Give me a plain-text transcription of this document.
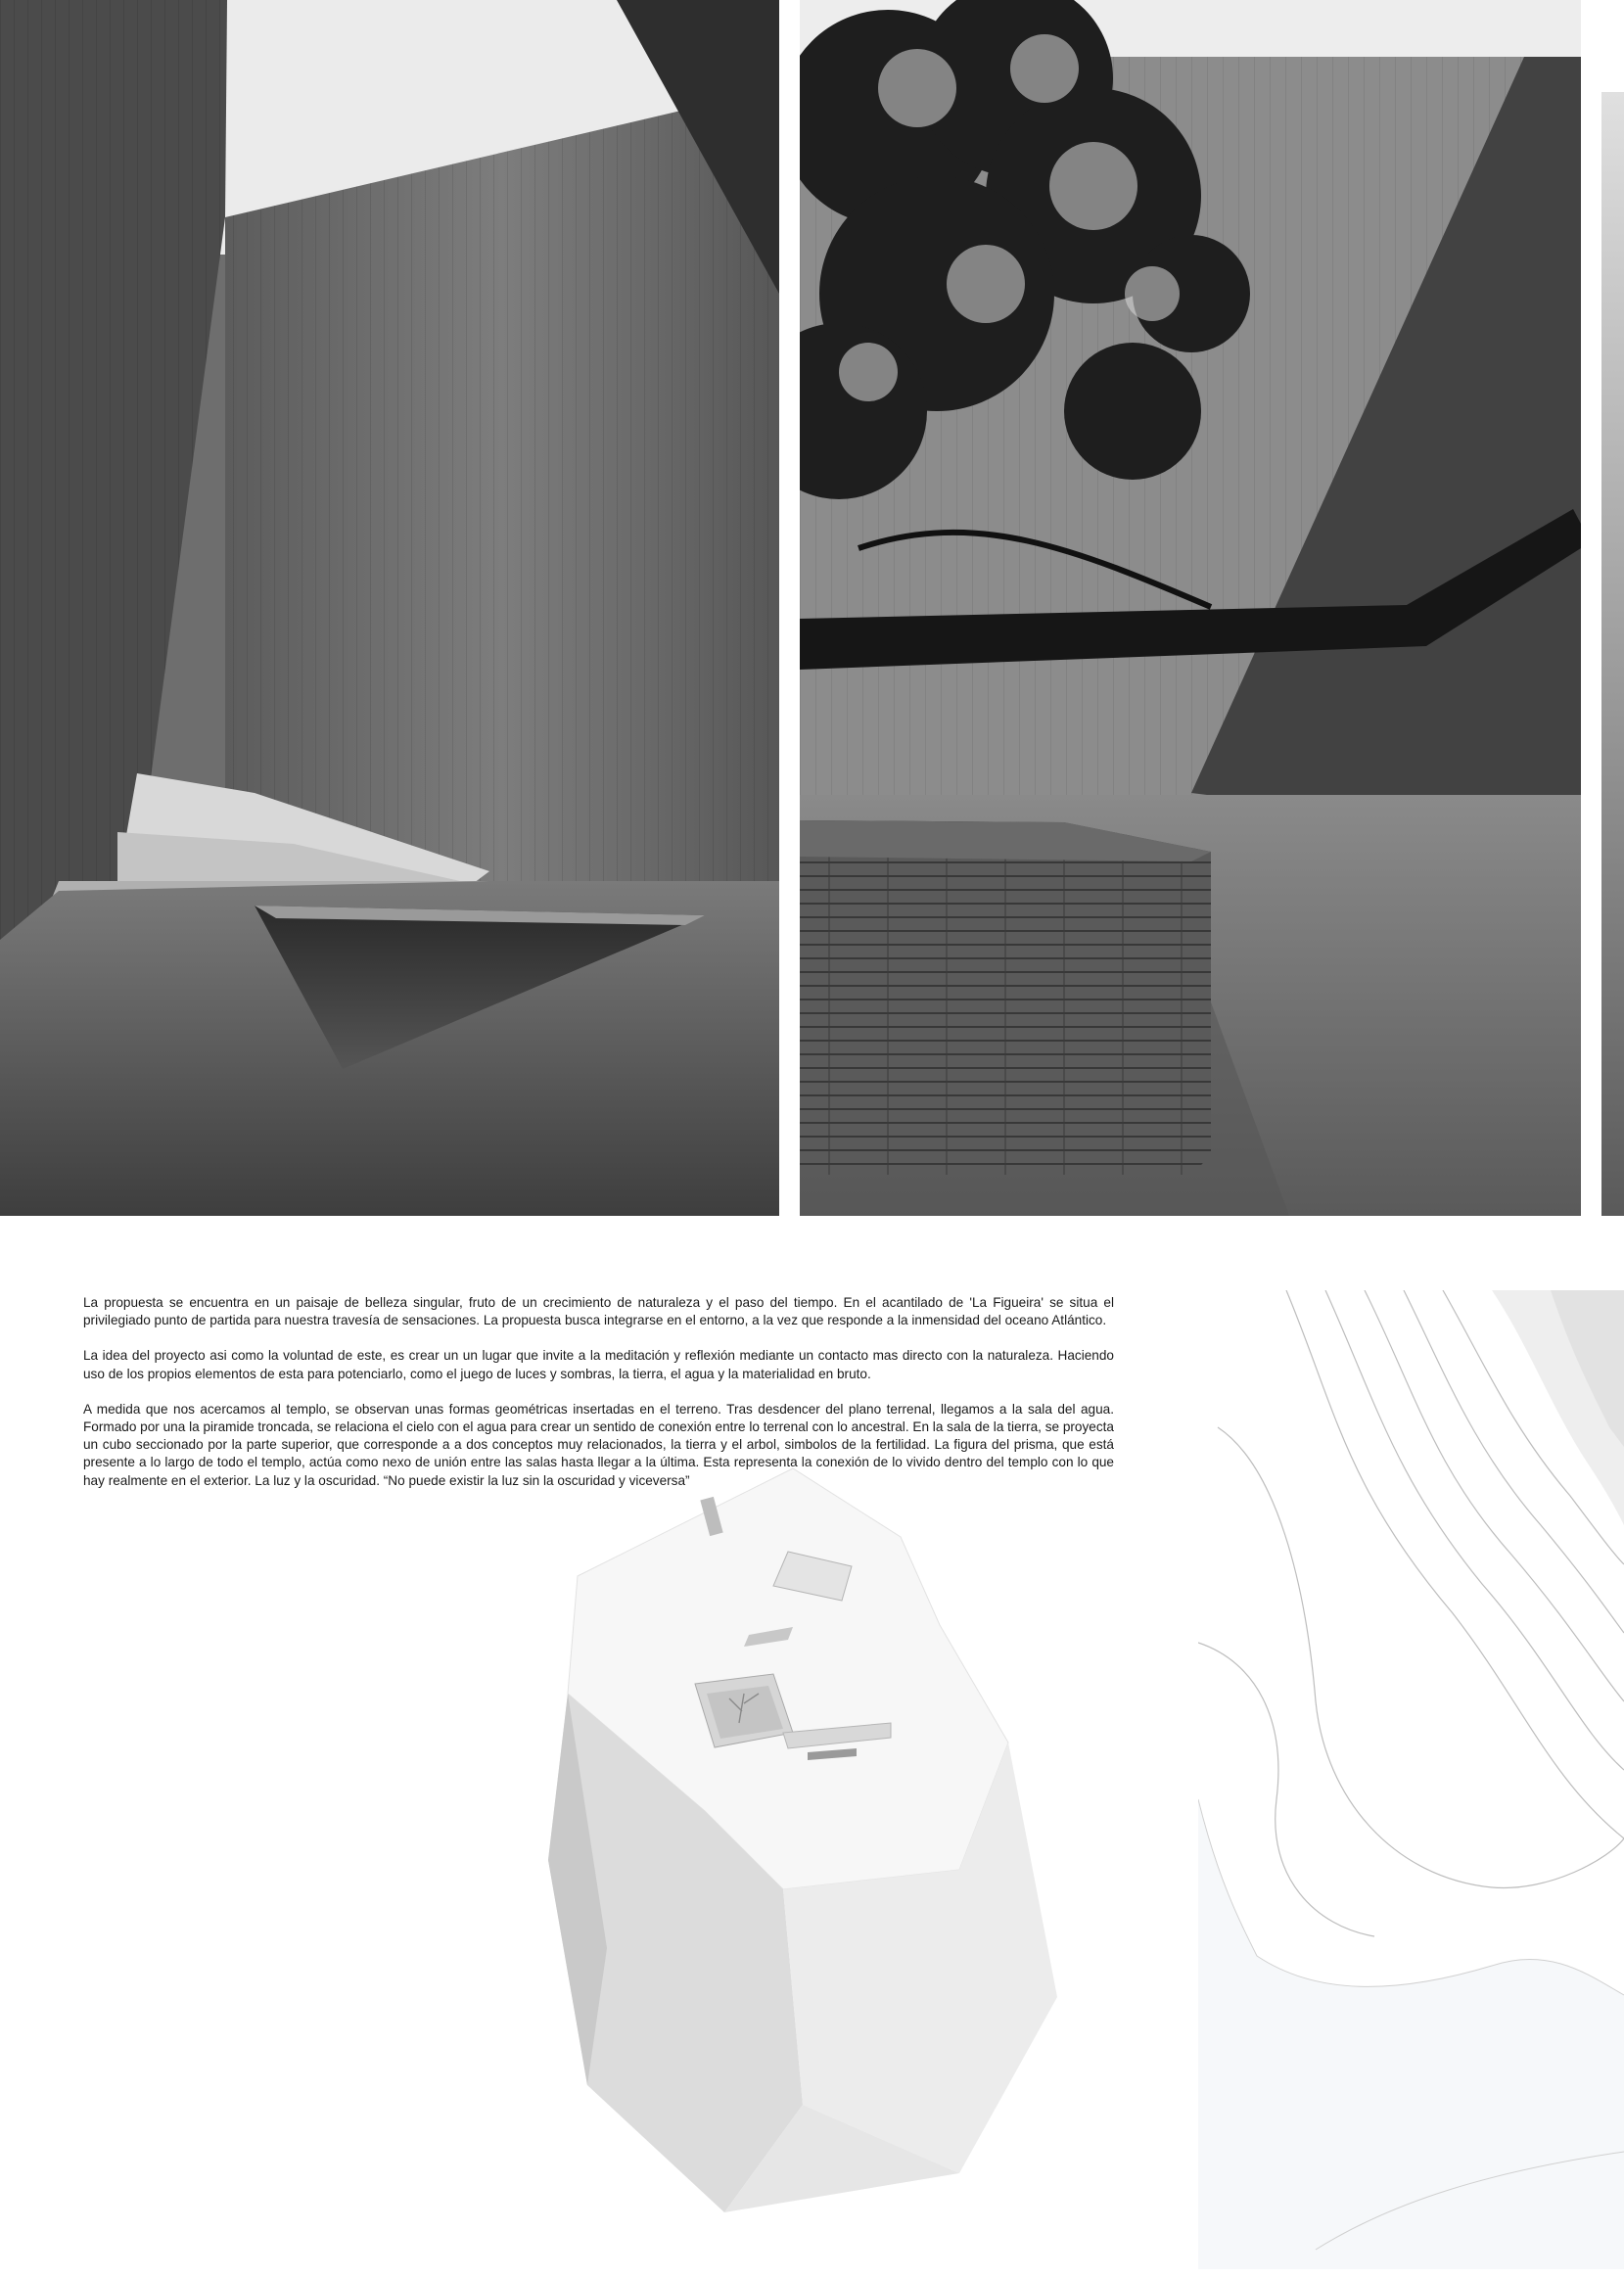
La propuesta se encuentra en un paisaje de belleza singular, fruto de un crecimiento de naturaleza y el paso del tiempo. En el acantilado de 'La Figueira' se situa el privilegiado punto de partida para nuestra travesía de sensaciones. La propuesta busca integrarse en el entorno, a la vez que responde a la inmensidad del oceano Atlántico.

La idea del proyecto asi como la voluntad de este, es crear un un lugar que invite a la meditación y reflexión mediante un contacto mas directo con la naturaleza. Haciendo uso de los propios elementos de esta para potenciarlo, como el juego de luces y sombras, la tierra, el agua y la materialidad en bruto.

A medida que nos acercamos al templo, se observan unas formas geométricas insertadas en el terreno. Tras desdencer del plano terrenal, llegamos a la sala del agua. Formado por una la piramide troncada, se relaciona el cielo con el agua para crear un sentido de conexión entre lo terrenal con lo ancestral. En la sala de la tierra, se proyecta un cubo seccionado por la parte superior, que corresponde a a dos conceptos muy relacionados, la tierra y el arbol, simbolos de la fertilidad. La figura del prisma, que está presente a lo largo de todo el templo, actúa como nexo de unión entre las salas hasta llegar a la última. Esta representa la conexión de lo vivido dentro del templo con lo que hay realmente en el exterior. La luz y la oscuridad. “No puede existir la luz sin la oscuridad y viceversa”
